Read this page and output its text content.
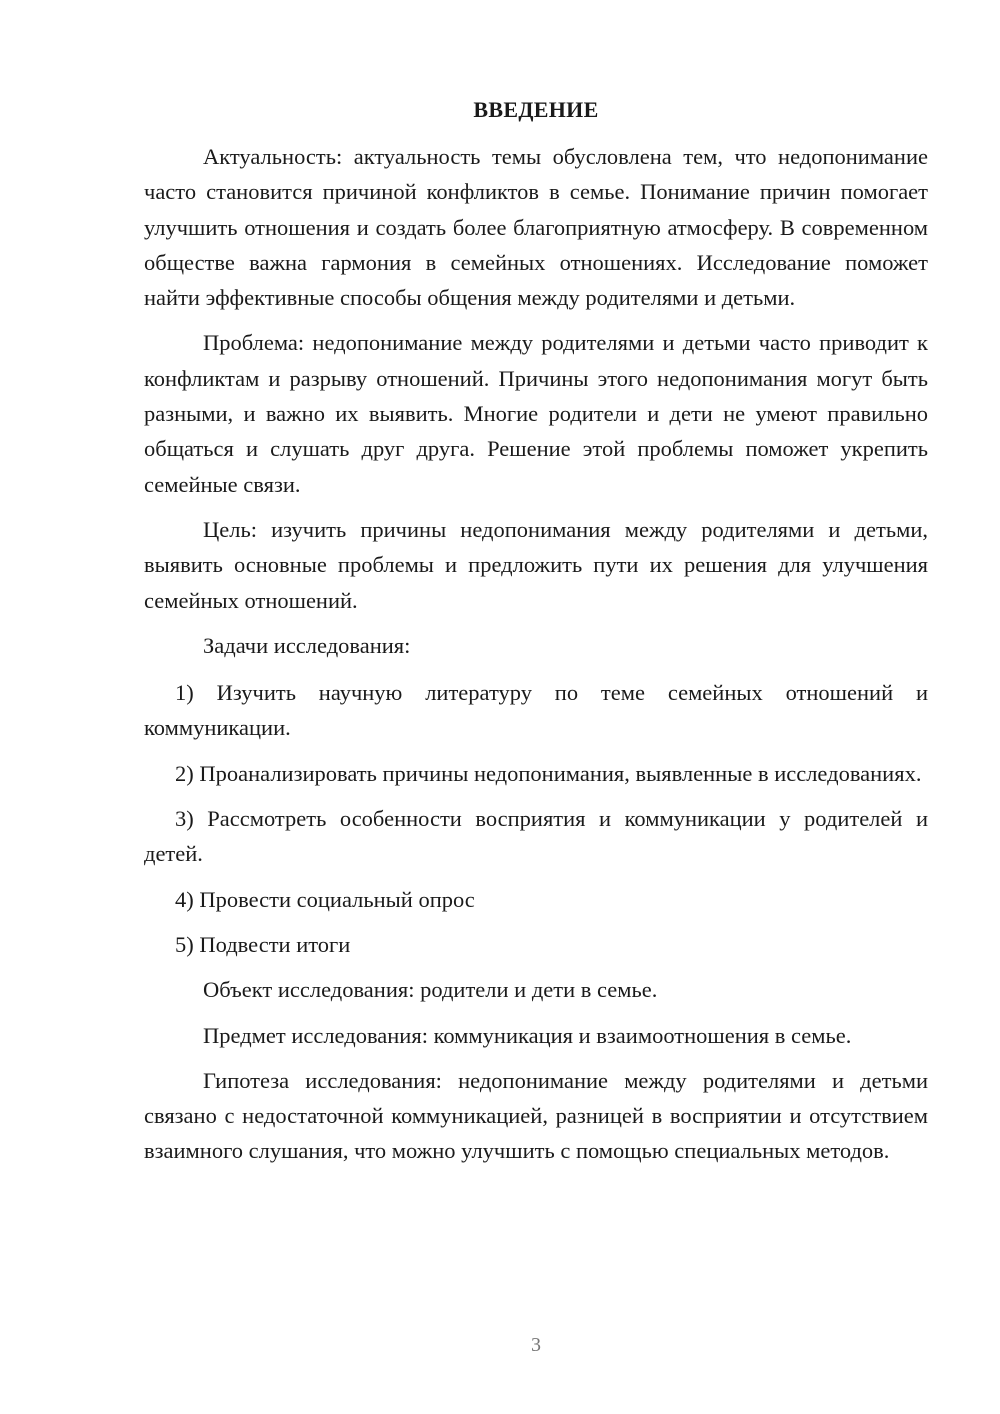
ВВЕДЕНИЕ

Актуальность: актуальность темы обусловлена тем, что недопонимание часто становится причиной конфликтов в семье. Понимание причин помогает улучшить отношения и создать более благоприятную атмосферу. В современном обществе важна гармония в семейных отношениях. Исследование поможет найти эффективные способы общения между родителями и детьми.

Проблема: недопонимание между родителями и детьми часто приводит к конфликтам и разрыву отношений. Причины этого недопонимания могут быть разными, и важно их выявить. Многие родители и дети не умеют правильно общаться и слушать друг друга. Решение этой проблемы поможет укрепить семейные связи.

Цель: изучить причины недопонимания между родителями и детьми, выявить основные проблемы и предложить пути их решения для улучшения семейных отношений.

Задачи исследования:

1) Изучить научную литературу по теме семейных отношений и коммуникации.

2) Проанализировать причины недопонимания, выявленные в исследованиях.

3) Рассмотреть особенности восприятия и коммуникации у родителей и детей.

4) Провести социальный опрос

5) Подвести итоги

Объект исследования: родители и дети в семье.

Предмет исследования: коммуникация и взаимоотношения в семье.

Гипотеза исследования: недопонимание между родителями и детьми связано с недостаточной коммуникацией, разницей в восприятии и отсутствием взаимного слушания, что можно улучшить с помощью специальных методов.

3
